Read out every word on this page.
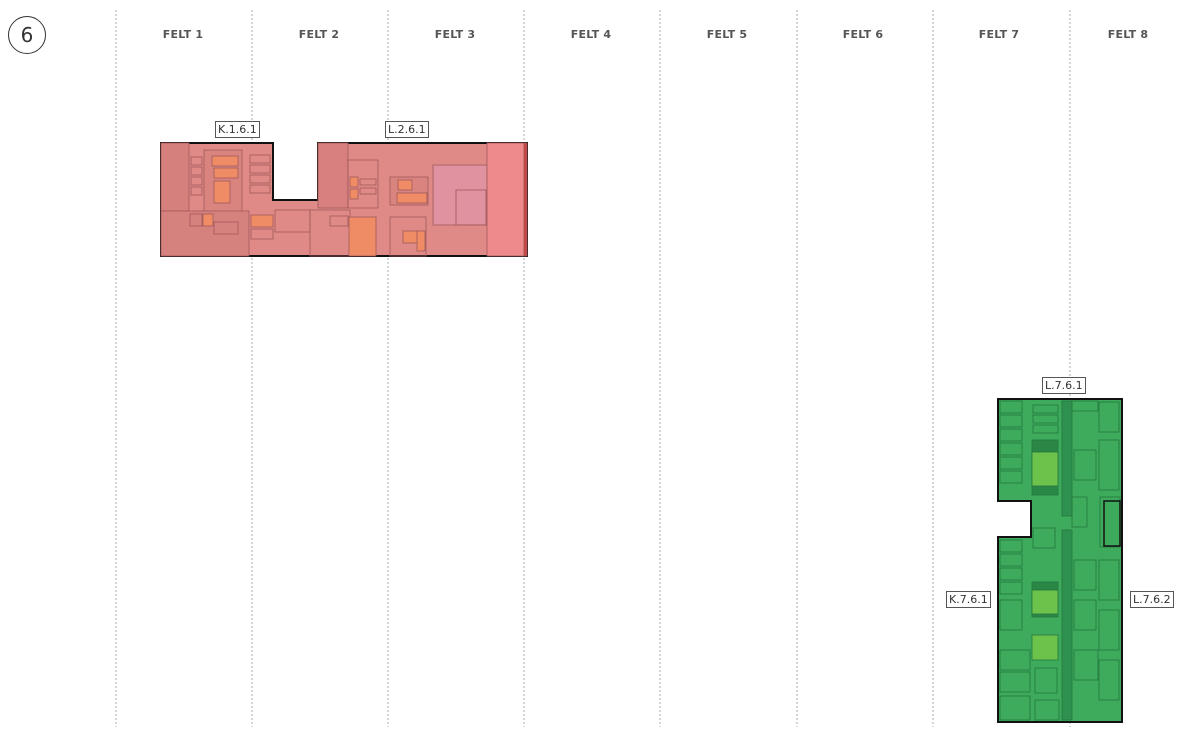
6	FELT 1	FELT 2	FELT 3	FELT 4	FELT 5	FELT 6	FELT 7	FELT 8
K.1.6.1	L.2.6.1
L.7.6.1
K.7.6.1	L.7.6.2
